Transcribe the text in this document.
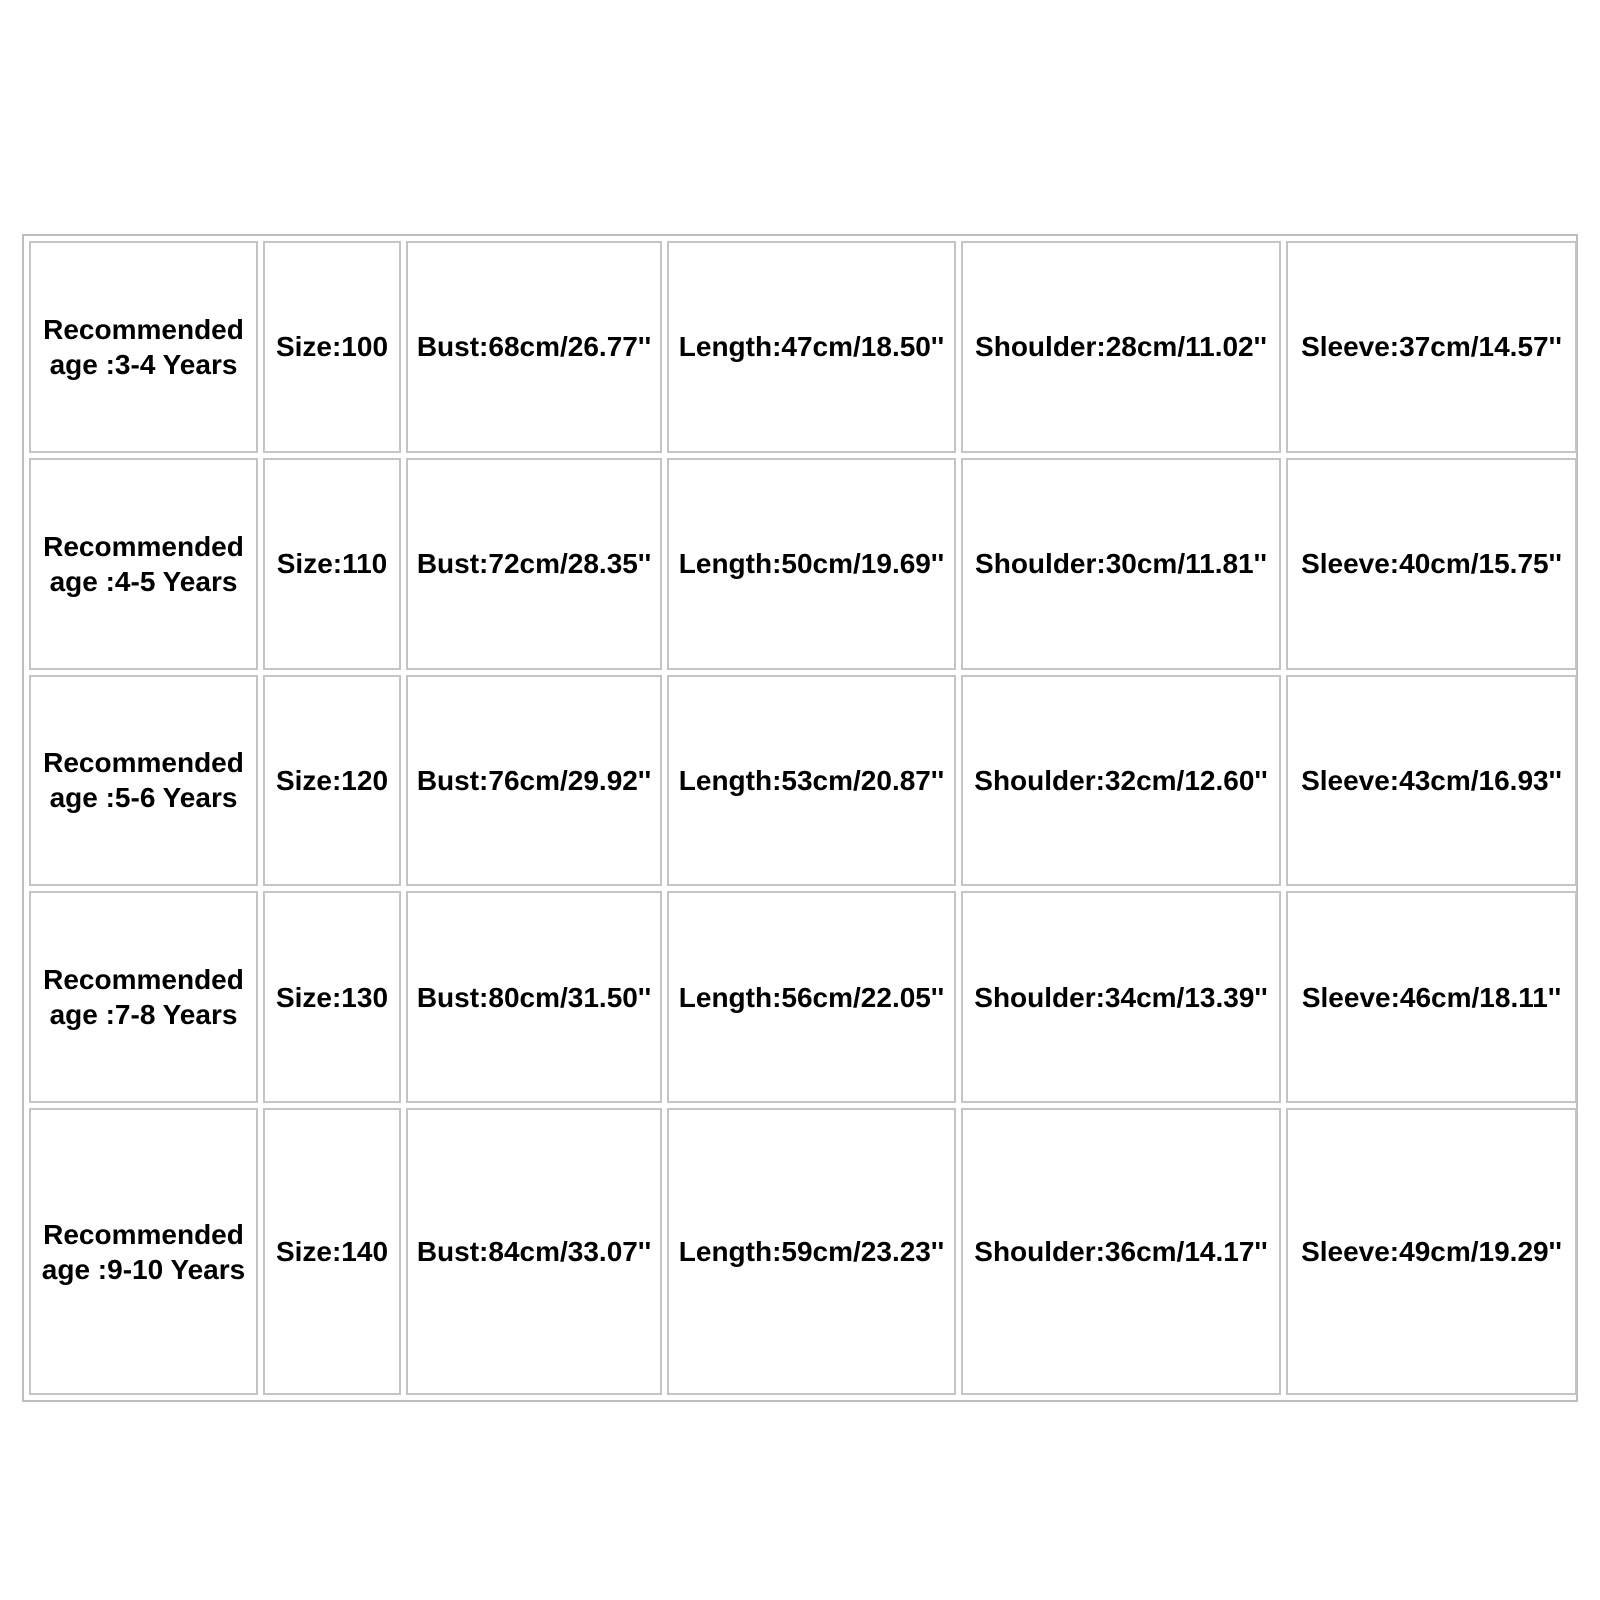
Recommended
age :3-4 Years	Size:100	Bust:68cm/26.77''	Length:47cm/18.50''	Shoulder:28cm/11.02''	Sleeve:37cm/14.57''

Recommended
age :4-5 Years	Size:110	Bust:72cm/28.35''	Length:50cm/19.69''	Shoulder:30cm/11.81''	Sleeve:40cm/15.75''

Recommended
age :5-6 Years	Size:120	Bust:76cm/29.92''	Length:53cm/20.87''	Shoulder:32cm/12.60''	Sleeve:43cm/16.93''

Recommended
age :7-8 Years	Size:130	Bust:80cm/31.50''	Length:56cm/22.05''	Shoulder:34cm/13.39''	Sleeve:46cm/18.11''

Recommended
age :9-10 Years	Size:140	Bust:84cm/33.07''	Length:59cm/23.23''	Shoulder:36cm/14.17''	Sleeve:49cm/19.29''
